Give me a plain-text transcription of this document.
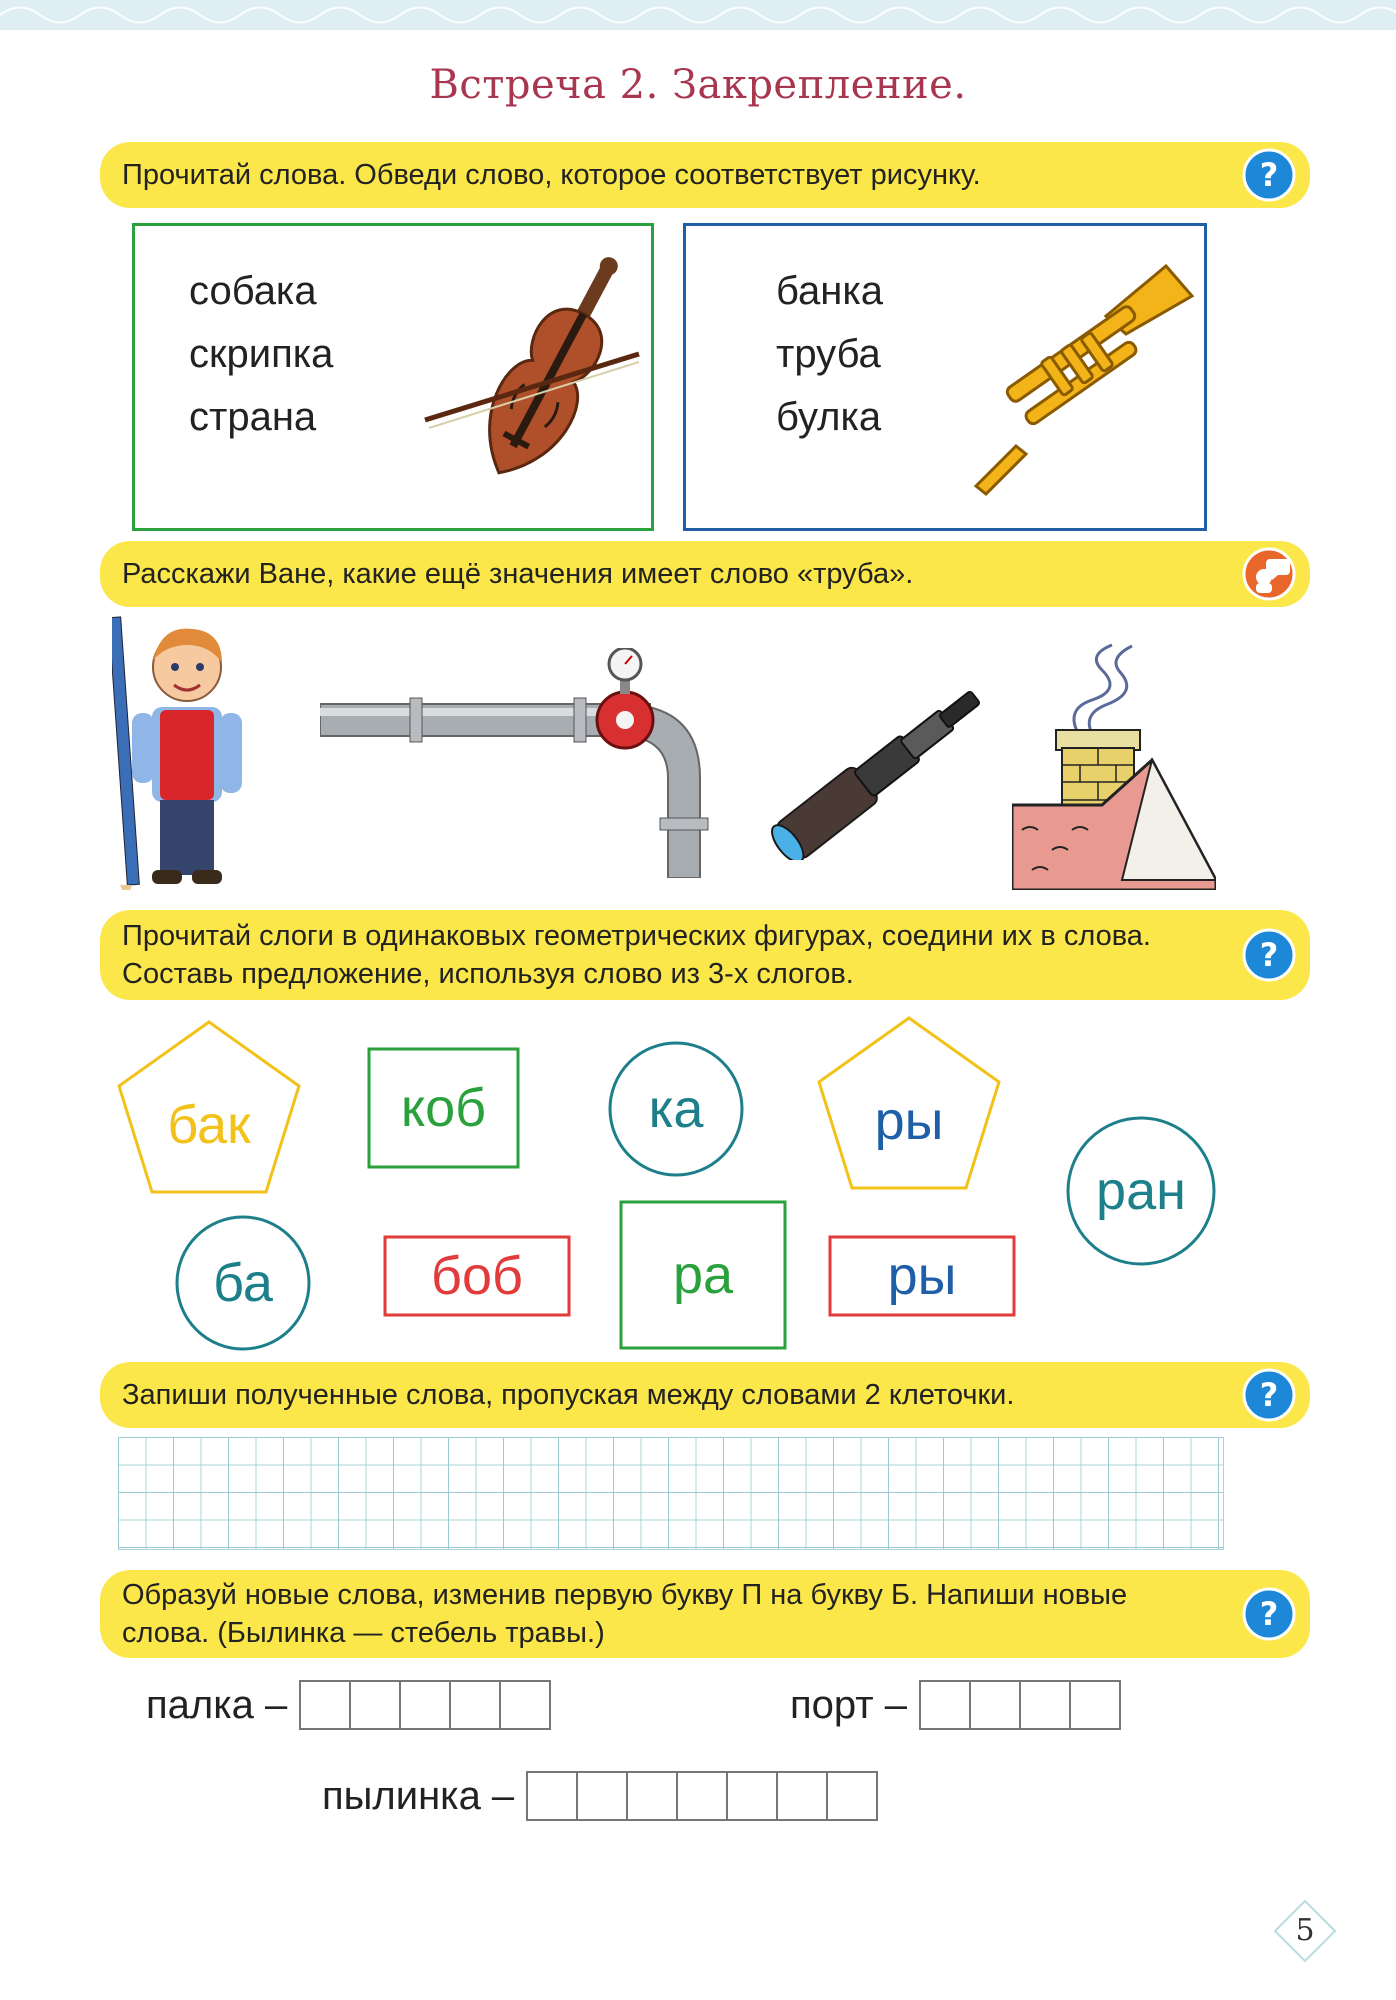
Встреча 2. Закрепление.
Прочитай слова. Обведи слово, которое соответствует рисунку.	?
собака
скрипка
страна
банка
труба
булка
Расскажи Ване, какие ещё значения имеет слово «труба».
Прочитай слоги в одинаковых геометрических фигурах, соедини их в слова. Составь предложение, используя слово из 3-х слогов.	?
бак	коб	ка	ры
ран
ба	боб	ра	ры
Запиши полученные слова, пропуская между словами 2 клеточки.	?
Образуй новые слова, изменив первую букву П на букву Б. Напиши новые слова. (Былинка — стебель травы.)	?
палка –	порт –
пылинка –
5
